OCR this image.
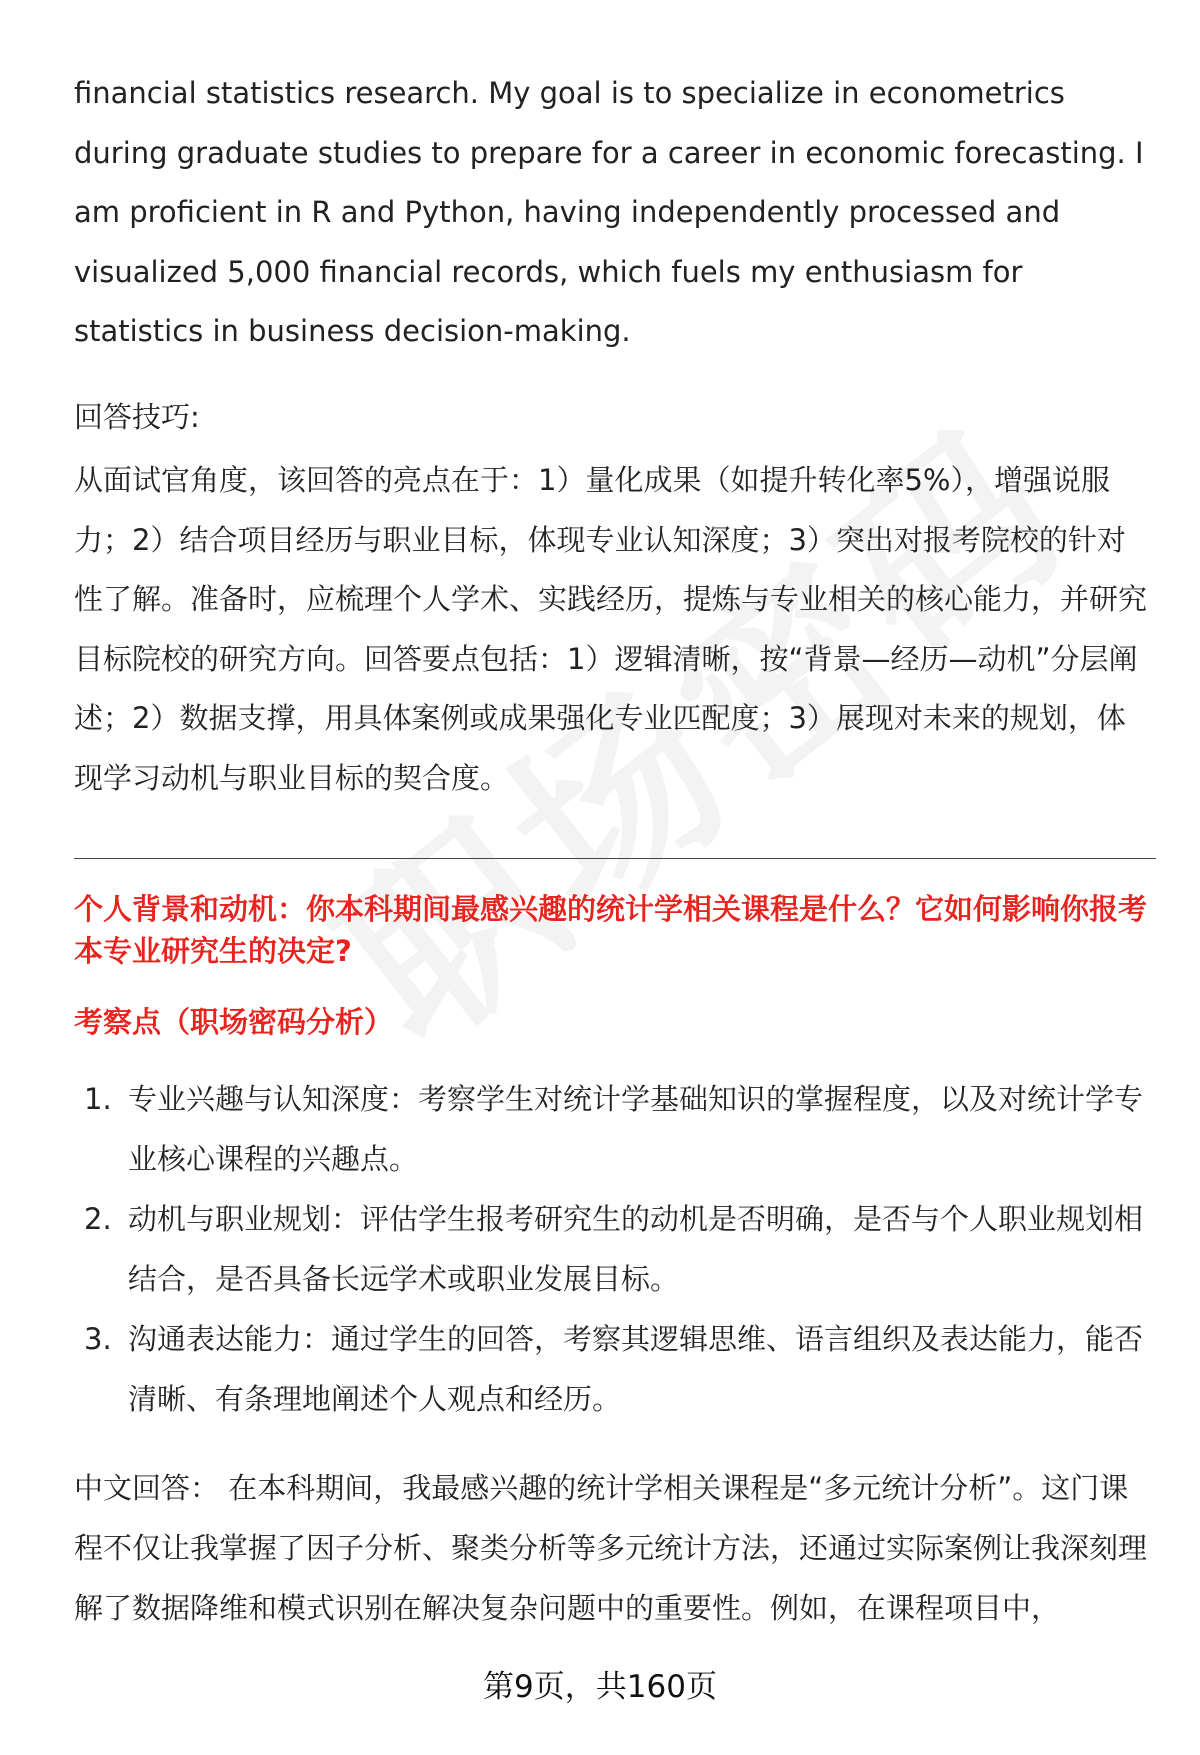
financial statistics research. My goal is to specialize in econometrics during graduate studies to prepare for a career in economic forecasting. I am proficient in R and Python, having independently processed and visualized 5,000 financial records, which fuels my enthusiasm for statistics in business decision-making.

回答技巧:

从面试官角度，该回答的亮点在于：1）量化成果（如提升转化率5%），增强说服力；2）结合项目经历与职业目标，体现专业认知深度；3）突出对报考院校的针对性了解。准备时，应梳理个人学术、实践经历，提炼与专业相关的核心能力，并研究目标院校的研究方向。回答要点包括：1）逻辑清晰，按“背景—经历—动机”分层阐述；2）数据支撑，用具体案例或成果强化专业匹配度；3）展现对未来的规划，体现学习动机与职业目标的契合度。

个人背景和动机：你本科期间最感兴趣的统计学相关课程是什么？它如何影响你报考本专业研究生的决定?

考察点（职场密码分析）
1. 专业兴趣与认知深度：考察学生对统计学基础知识的掌握程度，以及对统计学专业核心课程的兴趣点。
2. 动机与职业规划：评估学生报考研究生的动机是否明确，是否与个人职业规划相结合，是否具备长远学术或职业发展目标。
3. 沟通表达能力：通过学生的回答，考察其逻辑思维、语言组织及表达能力，能否清晰、有条理地阐述个人观点和经历。

中文回答： 在本科期间，我最感兴趣的统计学相关课程是“多元统计分析”。这门课程不仅让我掌握了因子分析、聚类分析等多元统计方法，还通过实际案例让我深刻理解了数据降维和模式识别在解决复杂问题中的重要性。例如，在课程项目中，

第9页，共160页
